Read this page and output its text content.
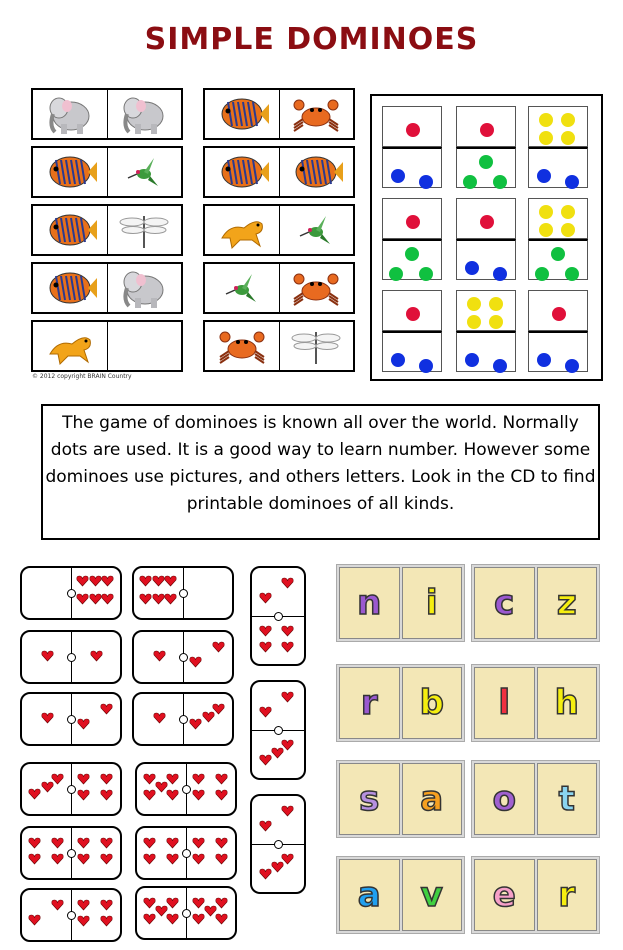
SIMPLE DOMINOES
© 2012 copyright BRAIN Country
The game of dominoes is known all over the world. Normally dots are used. It is a good way to learn number. However some dominoes use pictures, and others letters. Look in the CD to find printable dominoes of all kinds.
n	i	c	z
r	b	l	h
s	a	o	t
a	v	e	r
